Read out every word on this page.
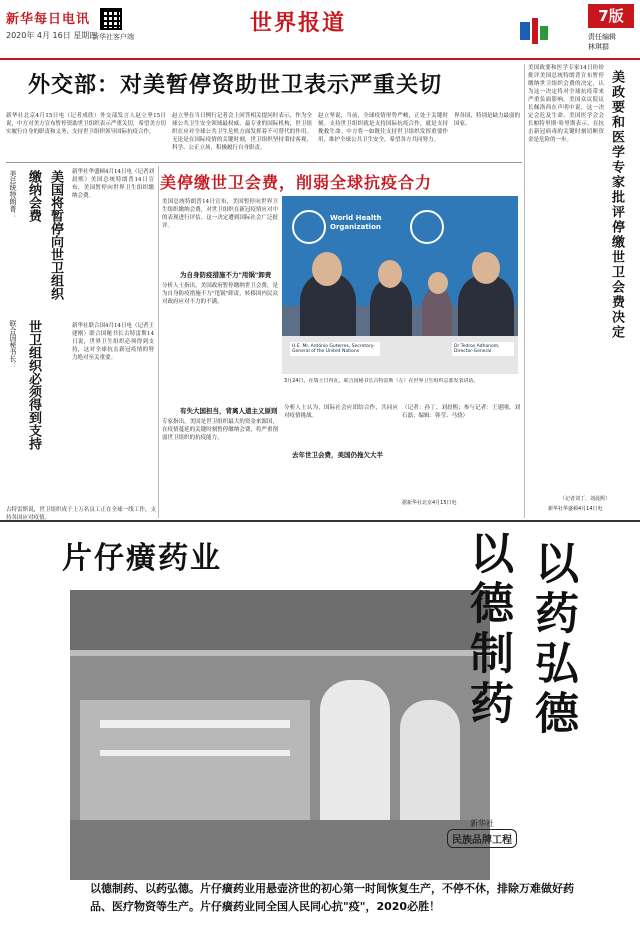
新华每日电讯
2020年 4月 16日 星期四
新华社客户端
世界报道	7版
责任编辑
林琪群
外交部：对美暂停资助世卫表示严重关切
新华社北京4月15日电（记者成欣）外交部发言人赵立坚15日说，中方对美方宣布暂停资助世卫组织表示严重关切，希望美方切实履行自身的职责和义务，支持世卫组织领导国际抗疫合作。
赵立坚在当日例行记者会上回答相关提问时表示，作为全球公共卫生安全领域最权威、最专业的国际机构，世卫组织在应对全球公共卫生危机方面发挥着不可替代的作用。无论是在国际疫情的关键时刻，世卫组织坚持秉持客观、科学、公正立场，积极履行自身职责。
赵立坚说，当前，全球疫情形势严峻，正处于关键时刻。支持世卫组织就是支持国际抗疫合作，就是支持挽救生命。中方将一如既往支持世卫组织发挥重要作用，维护全球公共卫生安全，希望各方共同努力。
界各国，特别是缺力最弱的国家。
美总统特朗普：	美国将暂停向世卫组织缴纳会费	新华社华盛顿4月14日电（记者刘晨熙）美国总统特朗普14日宣布，美国暂停向世界卫生组织缴纳会费。
联合国秘书长： 世卫组织必须得到支持	新华社联合国4月14日电（记者王建刚）联合国秘书长古特雷斯14日说，世界卫生组织必须得到支持，这对全球抗击新冠疫情的努力绝对至关重要。
古特雷斯说，世卫组织成千上万名员工正在全球一线工作，支持各国应对疫情。
美停缴世卫会费，削弱全球抗疫合力
美国总统特朗普14日宣布，美国暂停向世界卫生组织缴纳会费，对世卫组织在新冠疫情应对中的表现进行评估。这一决定遭到国际社会广泛批评。
为自身防疫措施不力"甩锅"卸责
分析人士指出，美国政府暂停缴纳世卫会费，是为自身防疫措施不力"甩锅"卸责，转移国内民众对政府应对不力的不满。
有失大国担当，背离人道主义原则
专家指出，美国是世卫组织最大的资金来源国，在疫情蔓延的关键时刻暂停缴纳会费，将严重削弱世卫组织的抗疫能力。
World Health Organization
H.E. Mr. António Guterres, Secretary-General of the United Nations
Dr Tedros Adhanom, Director-General
3月24日，在瑞士日内瓦，联合国秘书长古特雷斯（左）在世界卫生组织总部发表讲话。
分析人士认为，国际社会应团结合作，共同应对疫情挑战。
去年世卫会费，美国仍拖欠大半
（记者：孙丁、刘晨熙；参与记者：王建刚、刘石磊；编辑：韩莹、马骁）
据新华社北京4月15日电
美国政要和医学专家14日纷纷批评美国总统特朗普宣布暂停缴纳世卫组织会费的决定，认为这一决定将对全球抗疫带来严重负面影响。美国众议院议长佩洛西在声明中说，这一决定会危及生命。美国医学会会长帕特里斯·哈里斯表示，在抗击新冠病毒的关键时刻切断资金是危险的一步。	美政要和医学专家批评停缴世卫会费决定
（记者刘丁、刘晨熙）
新华社华盛顿4月14日电
片仔癀药业	以药弘德
以德制药
新华社
民族品牌工程
以德制药、以药弘德。片仔癀药业用悬壶济世的初心第一时间恢复生产，不停不休，排除万难做好药品、医疗物资等生产。片仔癀药业同全国人民同心抗"疫"，2020必胜！
